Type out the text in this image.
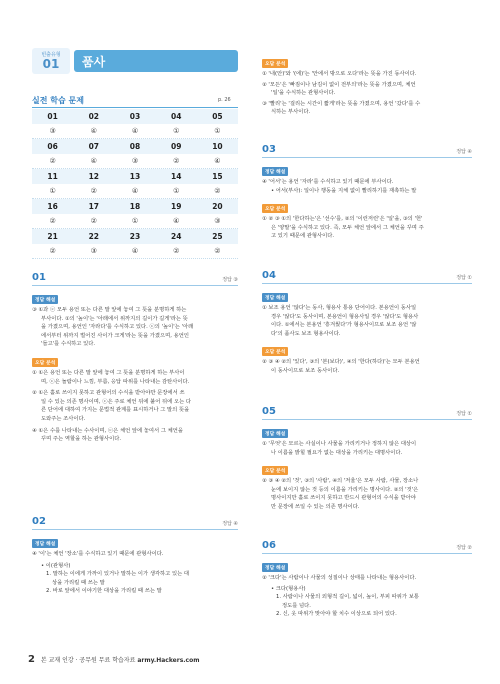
빈출유형
01	품사
실전 학습 문제	p. 26
01	02	03	04	05
③	④	④	①	①
06	07	08	09	10
②	④	③	②	④
11	12	13	14	15
①	②	④	①	②
16	17	18	19	20
②	②	①	④	③
21	22	23	24	25
②	③	④	②	②
01	정답 ③
정답 해설
③ ①과 ⓒ 모두 용언 또는 다른 말 앞에 놓여 그 뜻을 분명하게 하는
부사이다. ①의 '높이'는 '아래에서 위까지의 길이가 길게'라는 뜻
을 가졌으며, 용언인 '자라다'를 수식하고 있다. ⓒ의 '높이'는 '아래
에서부터 위까지 벌어진 사이가 크게'라는 뜻을 가졌으며, 용언인
'들고'를 수식하고 있다.
오답 분석
① ①은 용언 또는 다른 말 앞에 놓여 그 뜻을 분명하게 하는 부사이
며, ⓒ은 놀람이나 느낌, 부름, 응답 따위를 나타내는 감탄사이다.
② ①은 홀로 쓰이지 못하고 관형어의 수식을 받아야만 문장에서 쓰
일 수 있는 의존 명사이며, ⓒ은 주로 체언 뒤에 붙어 뒤에 오는 다
른 단어에 대하여 가지는 문법적 관계를 표시하거나 그 말의 뜻을
도와주는 조사이다.
④ ①은 수를 나타내는 수사이며, ⓒ은 체언 앞에 놓여서 그 체언을
꾸며 주는 역할을 하는 관형사이다.
02	정답 ④
정답 해설
④ '이'는 체언 '장소'를 수식하고 있기 때문에 관형사이다.
• 이(관형사)
1. 말하는 이에게 가까이 있거나 말하는 이가 생각하고 있는 대
상을 가리킬 때 쓰는 말
2. 바로 앞에서 이야기한 대상을 가리킬 때 쓰는 말
오답 분석
① '내(안)'와 '(에)'는 '안에서 밖으로 오다'라는 뜻을 가진 동사이다.
② '모든'은 '빠짐이나 남김이 없이 전부의'라는 뜻을 가졌으며, 체언
'일'을 수식하는 관형사이다.
③ '빨리'는 '걸리는 시간이 짧게'라는 뜻을 가졌으며, 용언 '갔다'를 수
식하는 부사이다.
03	정답 ④
정답 해설
④ '어서'는 용언 '자라'를 수식하고 있기 때문에 부사이다.
• 어서(부사): 일이나 행동을 지체 없이 빨리하기를 재촉하는 말
오답 분석
① ② ③ ①의 '한다하는'은 '선수'를, ②의 '이런저런'은 '일'을, ③의 '헌'
은 '양말'을 수식하고 있다. 즉, 모두 체언 앞에서 그 체언을 꾸며 주
고 있기 때문에 관형사이다.
04	정답 ①
정답 해설
① 보조 용언 '않다'는 동사, 형용사 통용 단어이다. 본용언이 동사일
경우 '않다'도 동사이며, 본용언이 형용사일 경우 '않다'도 형용사
이다. ①에서는 본용언 '흥겨웠다'가 형용사이므로 보조 용언 '않
다'의 품사도 보조 형용사이다.
오답 분석
② ③ ④ ②의 '있다', ③의 '본(보다)', ④의 '한다(하다)'는 모두 본용언
이 동사이므로 보조 동사이다.
05	정답 ①
정답 해설
① '무엇'은 모르는 사실이나 사물을 가리키거나 정하지 않은 대상이
나 이름을 밝힐 필요가 없는 대상을 가리키는 대명사이다.
오답 분석
② ③ ④ ②의 '것', ③의 '사람', ④의 '저울'은 모두 사람, 사물, 장소나
눈에 보이지 않는 것 등의 이름을 가리키는 명사이다. ②의 '것'은
명사이지만 홀로 쓰이지 못하고 반드시 관형어의 수식을 받아야
만 문장에 쓰일 수 있는 의존 명사이다.
06	정답 ②
정답 해설
② '크다'는 사람이나 사물의 성질이나 상태를 나타내는 형용사이다.
• 크다(형용사)
1. 사람이나 사물의 외형적 길이, 넓이, 높이, 부피 따위가 보통
정도를 넘다.
2. 신, 옷 따위가 맞아야 할 치수 이상으로 되어 있다.
2 본 교재 인강 · 공무원 무료 학습자료 army.Hackers.com
